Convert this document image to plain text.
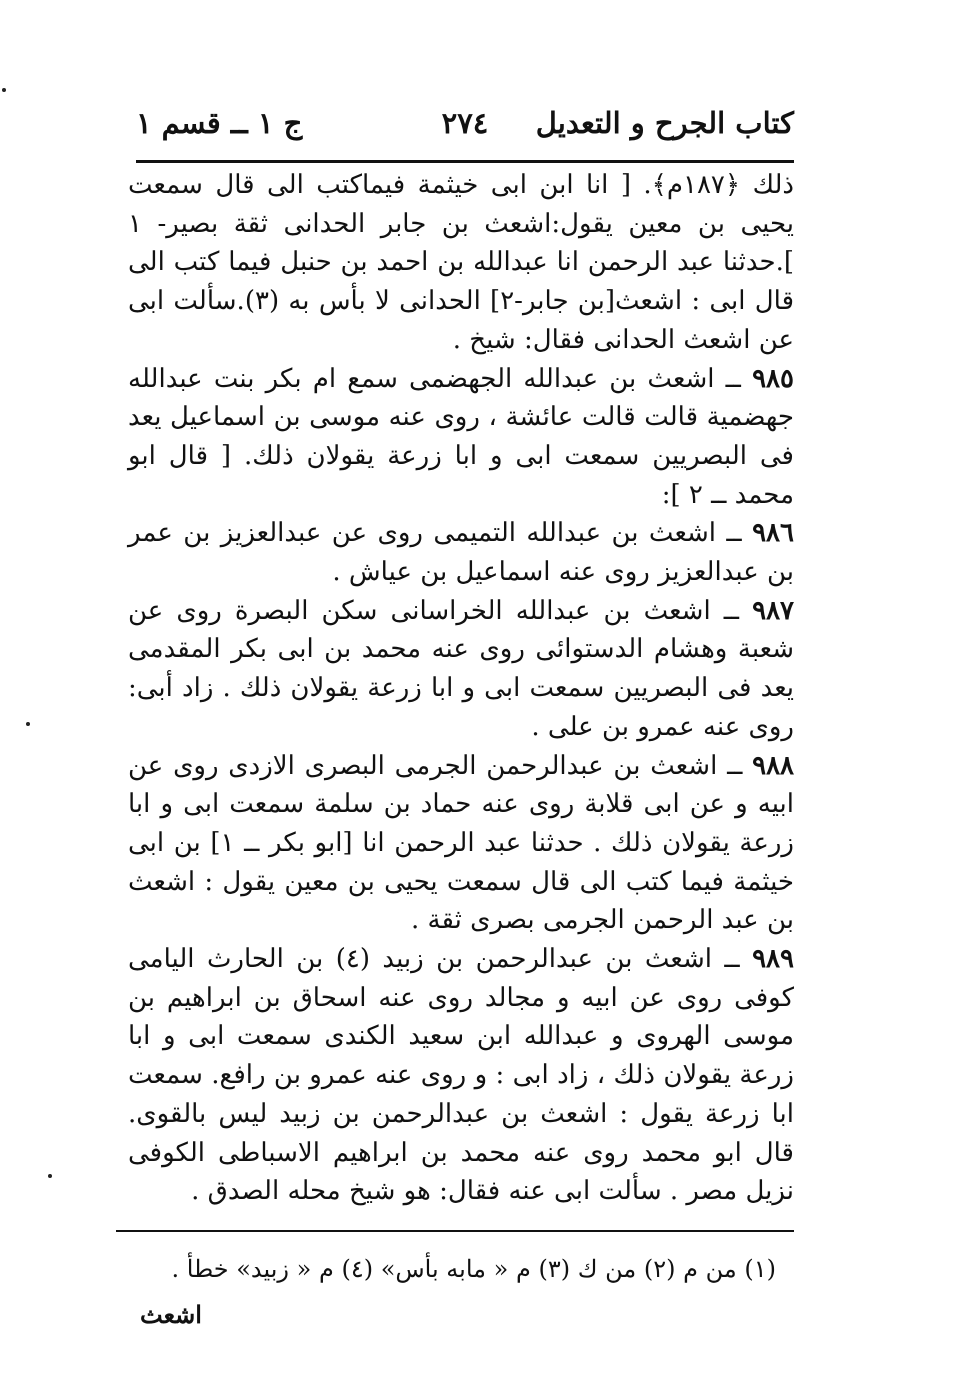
كتاب الجرح و التعديل
٢٧٤
ج ١ ــ قسم ١

ذلك ﴿١٨٧م﴾. [ انا ابن ابى خيثمة فيماكتب الى قال سمعت يحيى بن معين يقول:اشعث بن جابر الحدانى ثقة بصير- ١ ].حدثنا عبد الرحمن انا عبدالله بن احمد بن حنبل فيما كتب الى قال ابى : اشعث[بن جابر-٢] الحدانى لا بأس به (٣).سألت ابى عن اشعث الحدانى فقال: شيخ .

٩٨٥ ــ اشعث بن عبدالله الجهضمى سمع ام بكر بنت عبدالله جهضمية قالت قالت عائشة ، روى عنه موسى بن اسماعيل يعد فى البصريين سمعت ابى و ابا زرعة يقولان ذلك. [ قال ابو محمد ــ ٢ ]:

٩٨٦ ــ اشعث بن عبدالله التميمى روى عن عبدالعزيز بن عمر بن عبدالعزيز روى عنه اسماعيل بن عياش .

٩٨٧ ــ اشعث بن عبدالله الخراسانى سكن البصرة روى عن شعبة وهشام الدستوائى روى عنه محمد بن ابى بكر المقدمى يعد فى البصريين سمعت ابى و ابا زرعة يقولان ذلك . زاد أبى: روى عنه عمرو بن على .

٩٨٨ ــ اشعث بن عبدالرحمن الجرمى البصرى الازدى روى عن ابيه و عن ابى قلابة روى عنه حماد بن سلمة سمعت ابى و ابا زرعة يقولان ذلك . حدثنا عبد الرحمن انا [ابو بكر ــ ١] بن ابى خيثمة فيما كتب الى قال سمعت يحيى بن معين يقول : اشعث بن عبد الرحمن الجرمى بصرى ثقة .

٩٨٩ ــ اشعث بن عبدالرحمن بن زبيد (٤) بن الحارث اليامى كوفى روى عن ابيه و مجالد روى عنه اسحاق بن ابراهيم بن موسى الهروى و عبدالله ابن سعيد الكندى سمعت ابى و ابا زرعة يقولان ذلك ، زاد ابى : و روى عنه عمرو بن رافع. سمعت ابا زرعة يقول : اشعث بن عبدالرحمن بن زبيد ليس بالقوى. قال ابو محمد روى عنه محمد بن ابراهيم الاسباطى الكوفى نزيل مصر . سألت ابى عنه فقال: هو شيخ محله الصدق .

(١) من م (٢) من ك (٣) م « مابه بأس» (٤) م « زبيد» خطأ .
اشعث
